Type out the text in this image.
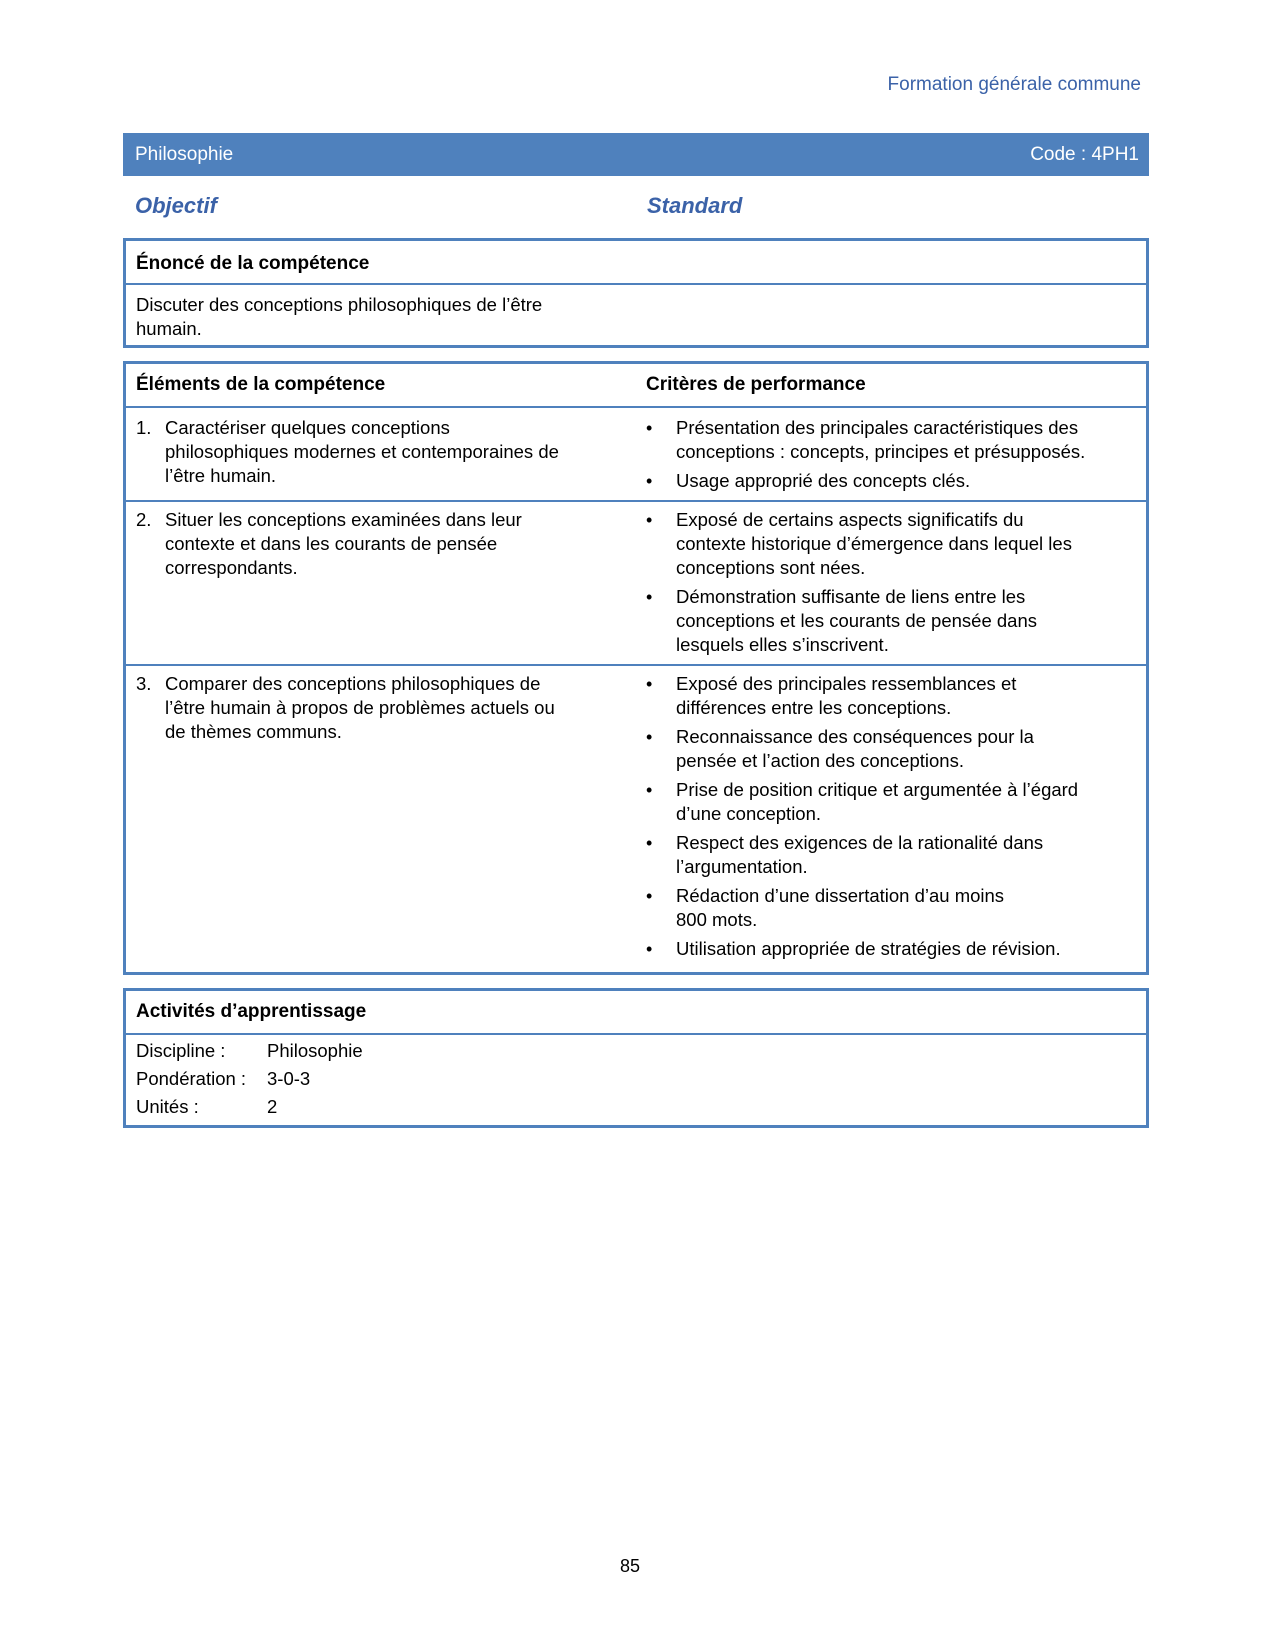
Formation générale commune
Philosophie	Code : 4PH1
Objectif	Standard
Énoncé de la compétence
Discuter des conceptions philosophiques de l’être
humain.
Éléments de la compétence	Critères de performance
1. Caractériser quelques conceptions
philosophiques modernes et contemporaines de
l’être humain.
• Présentation des principales caractéristiques des
conceptions : concepts, principes et présupposés.
• Usage approprié des concepts clés.
2. Situer les conceptions examinées dans leur
contexte et dans les courants de pensée
correspondants.
• Exposé de certains aspects significatifs du
contexte historique d’émergence dans lequel les
conceptions sont nées.
• Démonstration suffisante de liens entre les
conceptions et les courants de pensée dans
lesquels elles s’inscrivent.
3. Comparer des conceptions philosophiques de
l’être humain à propos de problèmes actuels ou
de thèmes communs.
• Exposé des principales ressemblances et
différences entre les conceptions.
• Reconnaissance des conséquences pour la
pensée et l’action des conceptions.
• Prise de position critique et argumentée à l’égard
d’une conception.
• Respect des exigences de la rationalité dans
l’argumentation.
• Rédaction d’une dissertation d’au moins
800 mots.
• Utilisation appropriée de stratégies de révision.
Activités d’apprentissage
Discipline : Philosophie
Pondération : 3-0-3
Unités :	2
85
